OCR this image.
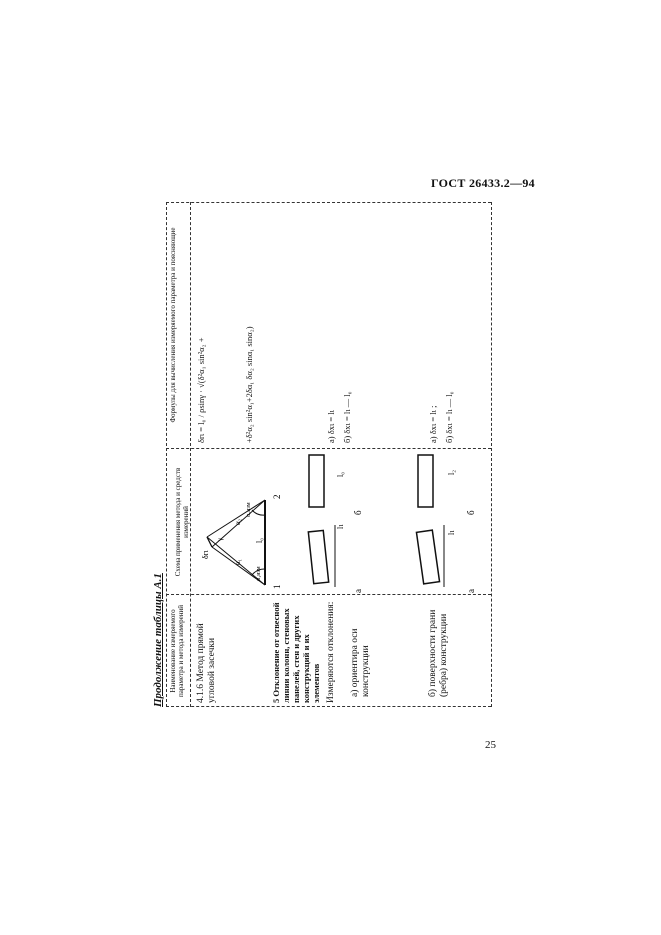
ГОСТ 26433.2—94
25
Продолжение таблицы А.1 Наименование измеряемого параметра и метода измерений
Формулы для вычисления измеряемого параметра и поясняющие
Схема применения метода и средств измерений
4.1.6 Метод прямой угловой засечки
1
2
δrι
l₀
α₁
α₂
α₁изм
α₂изм
γ
δrι = l₀ / ρsinγ · √(δ²α₁ sin²α₂ +	+δ²α₂ sin²α₁+2δα₁ δα₂ sinα₁ sinα₂)
5 Отклонение от отвесной линии колонн, стеновых панелей, стен и других конструкций и их элементов Измеряются отклонения: а) ориентира оси конструкции
а
lι
б
l₀
а) δxι = lι б) δxι = lι — l₀
б) поверхности грани (ребра) конструкции
а
lι
б
l₂
а) δxι = lι ; б) δxι = lι — l₀
